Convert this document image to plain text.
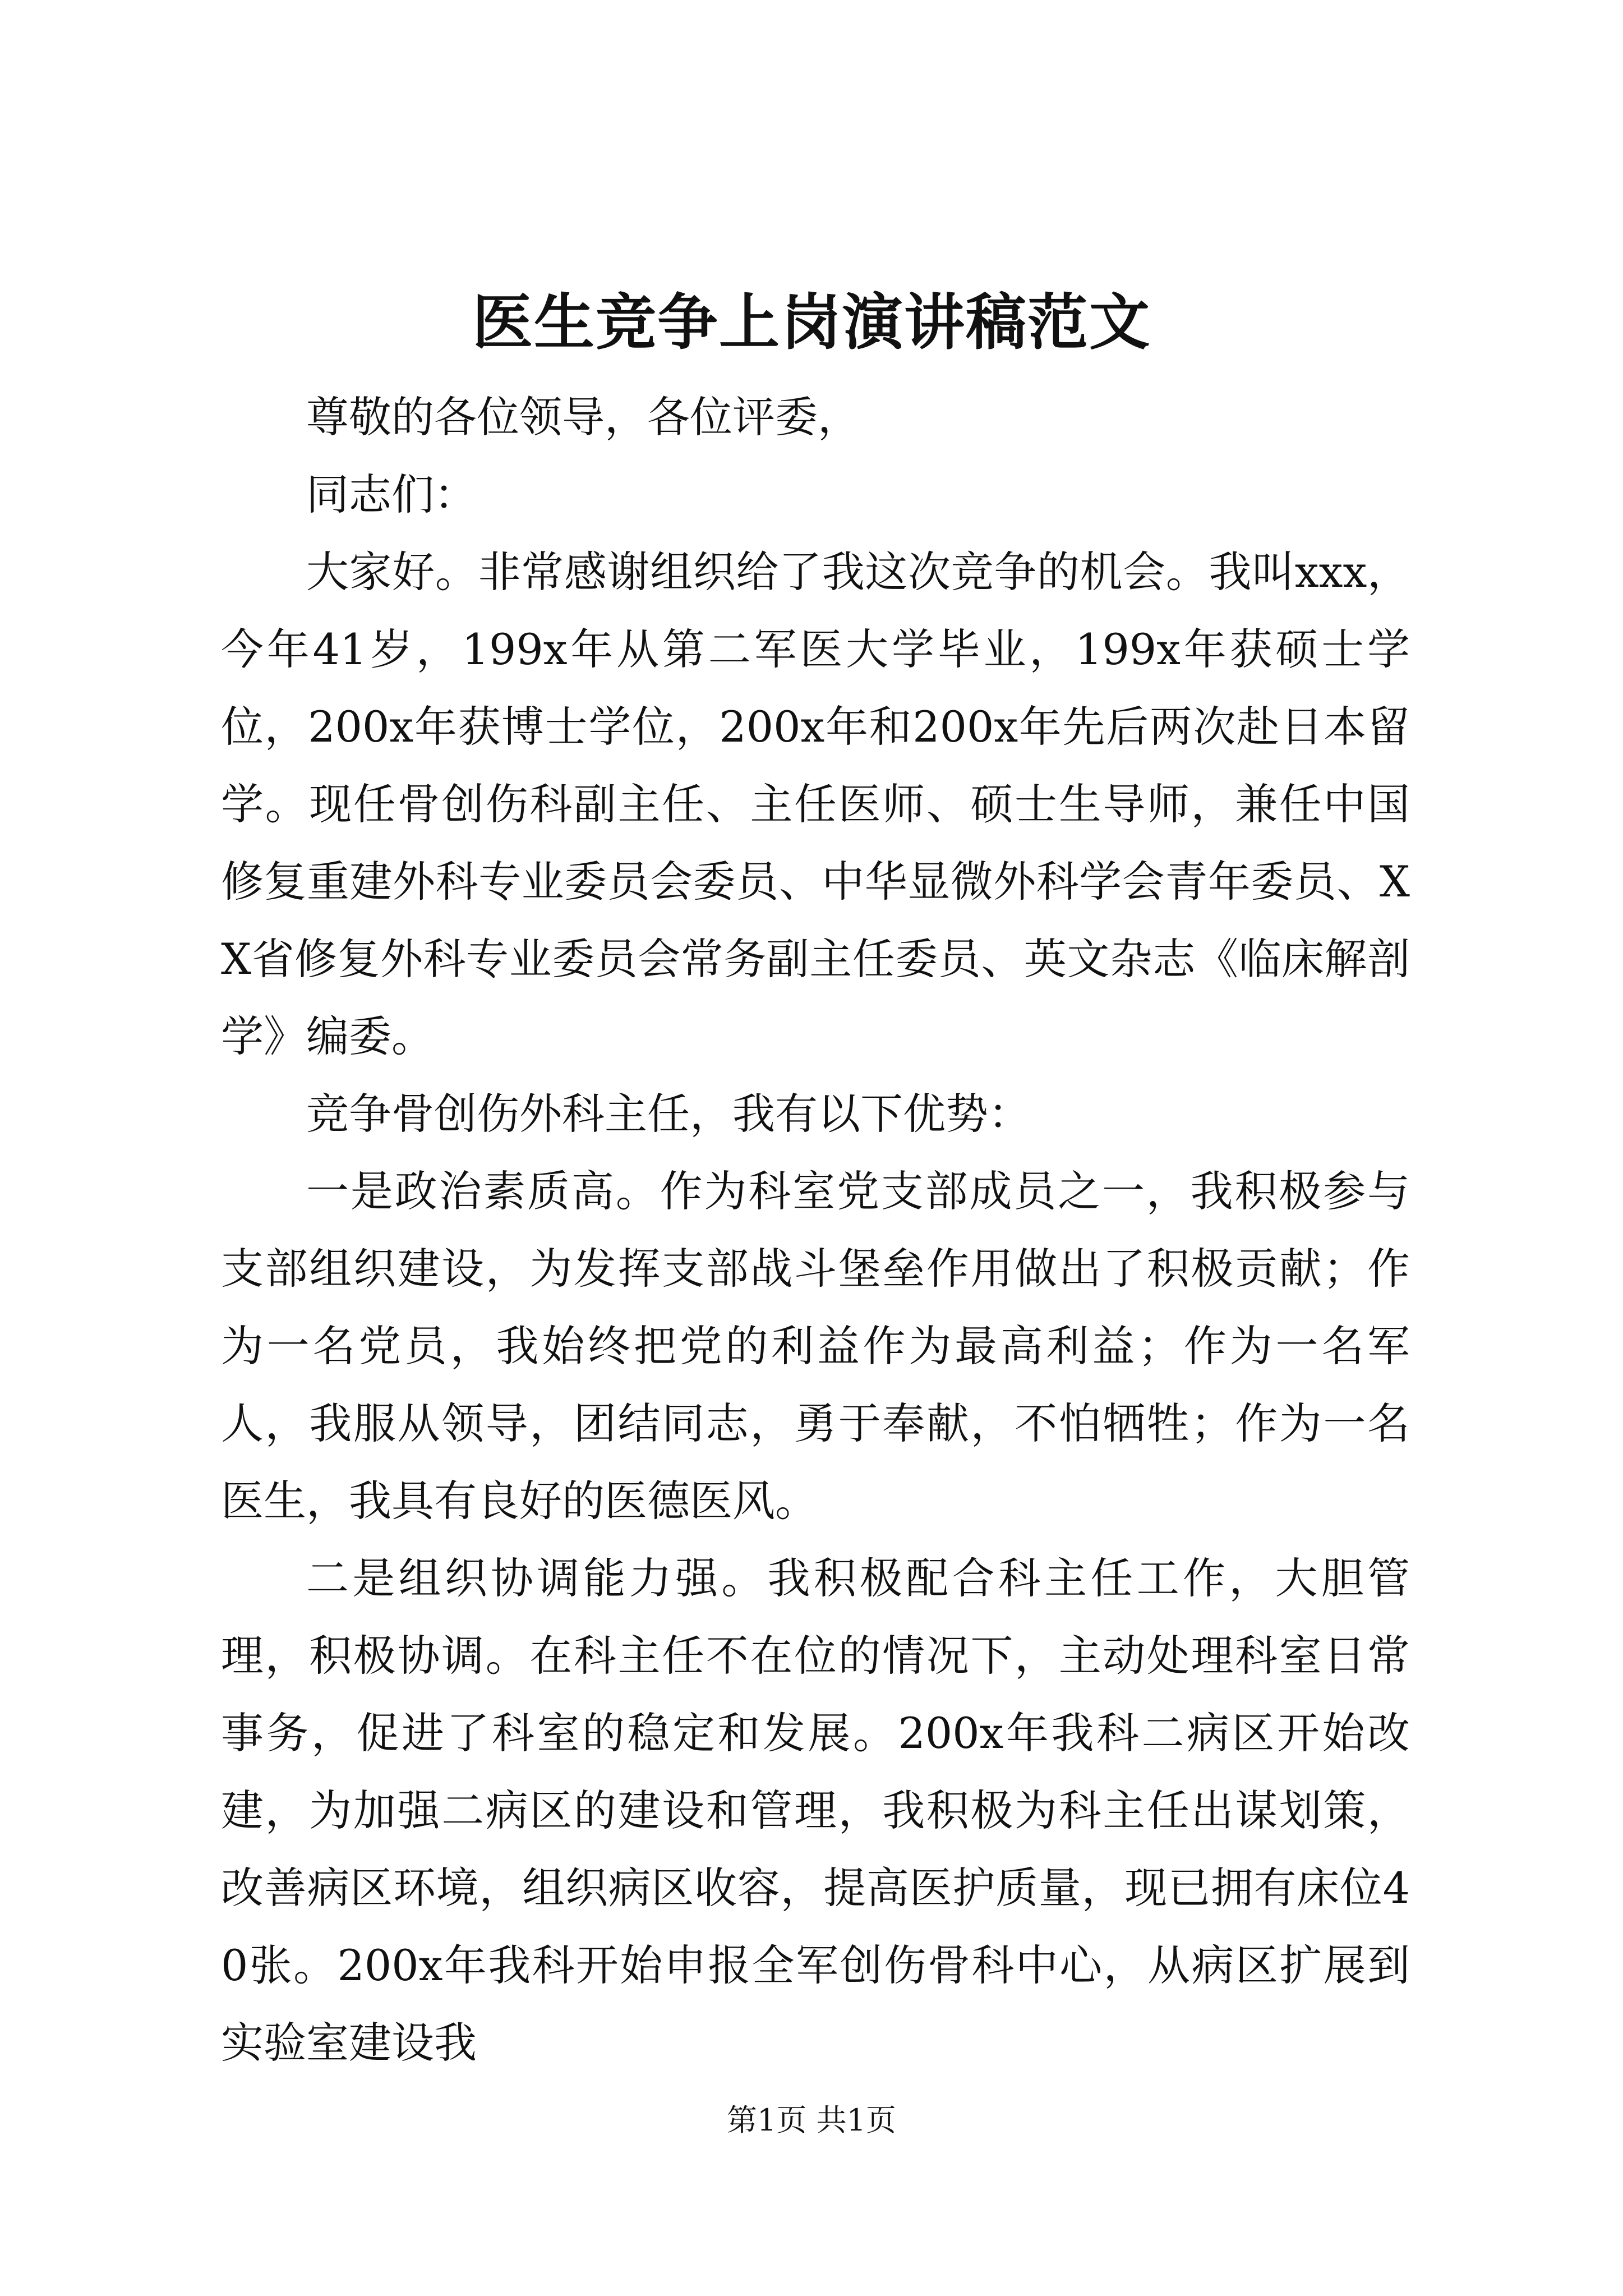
医生竞争上岗演讲稿范文

尊敬的各位领导，各位评委，

同志们：

大家好。非常感谢组织给了我这次竞争的机会。我叫xxx，今年41岁，199x年从第二军医大学毕业，199x年获硕士学位，200x年获博士学位，200x年和200x年先后两次赴日本留学。现任骨创伤科副主任、主任医师、硕士生导师，兼任中国修复重建外科专业委员会委员、中华显微外科学会青年委员、XX省修复外科专业委员会常务副主任委员、英文杂志《临床解剖学》编委。

竞争骨创伤外科主任，我有以下优势：

一是政治素质高。作为科室党支部成员之一，我积极参与支部组织建设，为发挥支部战斗堡垒作用做出了积极贡献；作为一名党员，我始终把党的利益作为最高利益；作为一名军人，我服从领导，团结同志，勇于奉献，不怕牺牲；作为一名医生，我具有良好的医德医风。

二是组织协调能力强。我积极配合科主任工作，大胆管理，积极协调。在科主任不在位的情况下，主动处理科室日常事务，促进了科室的稳定和发展。200x年我科二病区开始改建，为加强二病区的建设和管理，我积极为科主任出谋划策，改善病区环境，组织病区收容，提高医护质量，现已拥有床位40张。200x年我科开始申报全军创伤骨科中心，从病区扩展到实验室建设我

第1页 共1页
